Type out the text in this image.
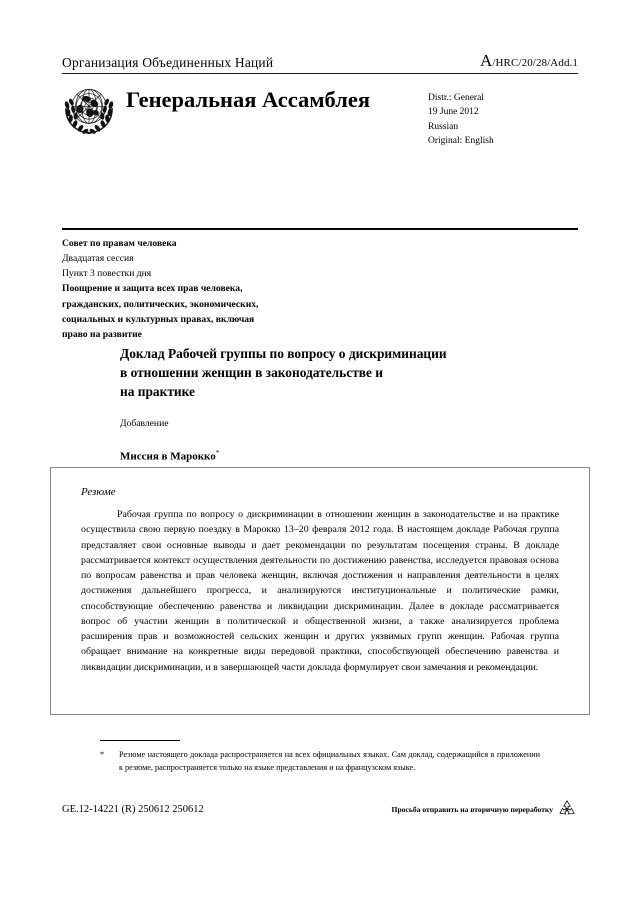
Организация Объединенных Наций	A/HRC/20/28/Add.1
Генеральная Ассамблея	Distr.: General
19 June 2012
Russian
Original: English
Совет по правам человека
Двадцатая сессия
Пункт 3 повестки дня
Поощрение и защита всех прав человека,
гражданских, политических, экономических,
социальных и культурных правах, включая
право на развитие
Доклад Рабочей группы по вопросу о дискриминации
в отношении женщин в законодательстве и
на практике
Добавление
Миссия в Марокко*
Резюме
Рабочая группа по вопросу о дискриминации в отношении женщин в законодательстве и на практике осуществила свою первую поездку в Марокко 13–20 февраля 2012 года. В настоящем докладе Рабочая группа представляет свои основные выводы и дает рекомендации по результатам посещения страны. В докладе рассматривается контекст осуществления деятельности по достижению равенства, исследуется правовая основа по вопросам равенства и прав человека женщин, включая достижения и направления деятельности в целях достижения дальнейшего прогресса, и анализируются институциональные и политические рамки, способствующие обеспечению равенства и ликвидации дискриминации. Далее в докладе рассматривается вопрос об участии женщин в политической и общественной жизни, а также анализируется проблема расширения прав и возможностей сельских женщин и других уязвимых групп женщин. Рабочая группа обращает внимание на конкретные виды передовой практики, способствующей обеспечению равенства и ликвидации дискриминации, и в завершающей части доклада формулирует свои замечания и рекомендации.
*	Резюме настоящего доклада распространяется на всех официальных языках. Сам доклад, содержащийся в приложении к резюме, распространяется только на языке представления и на французском языке.
GE.12-14221 (R) 250612 250612	Просьба отправить на вторичную переработку
